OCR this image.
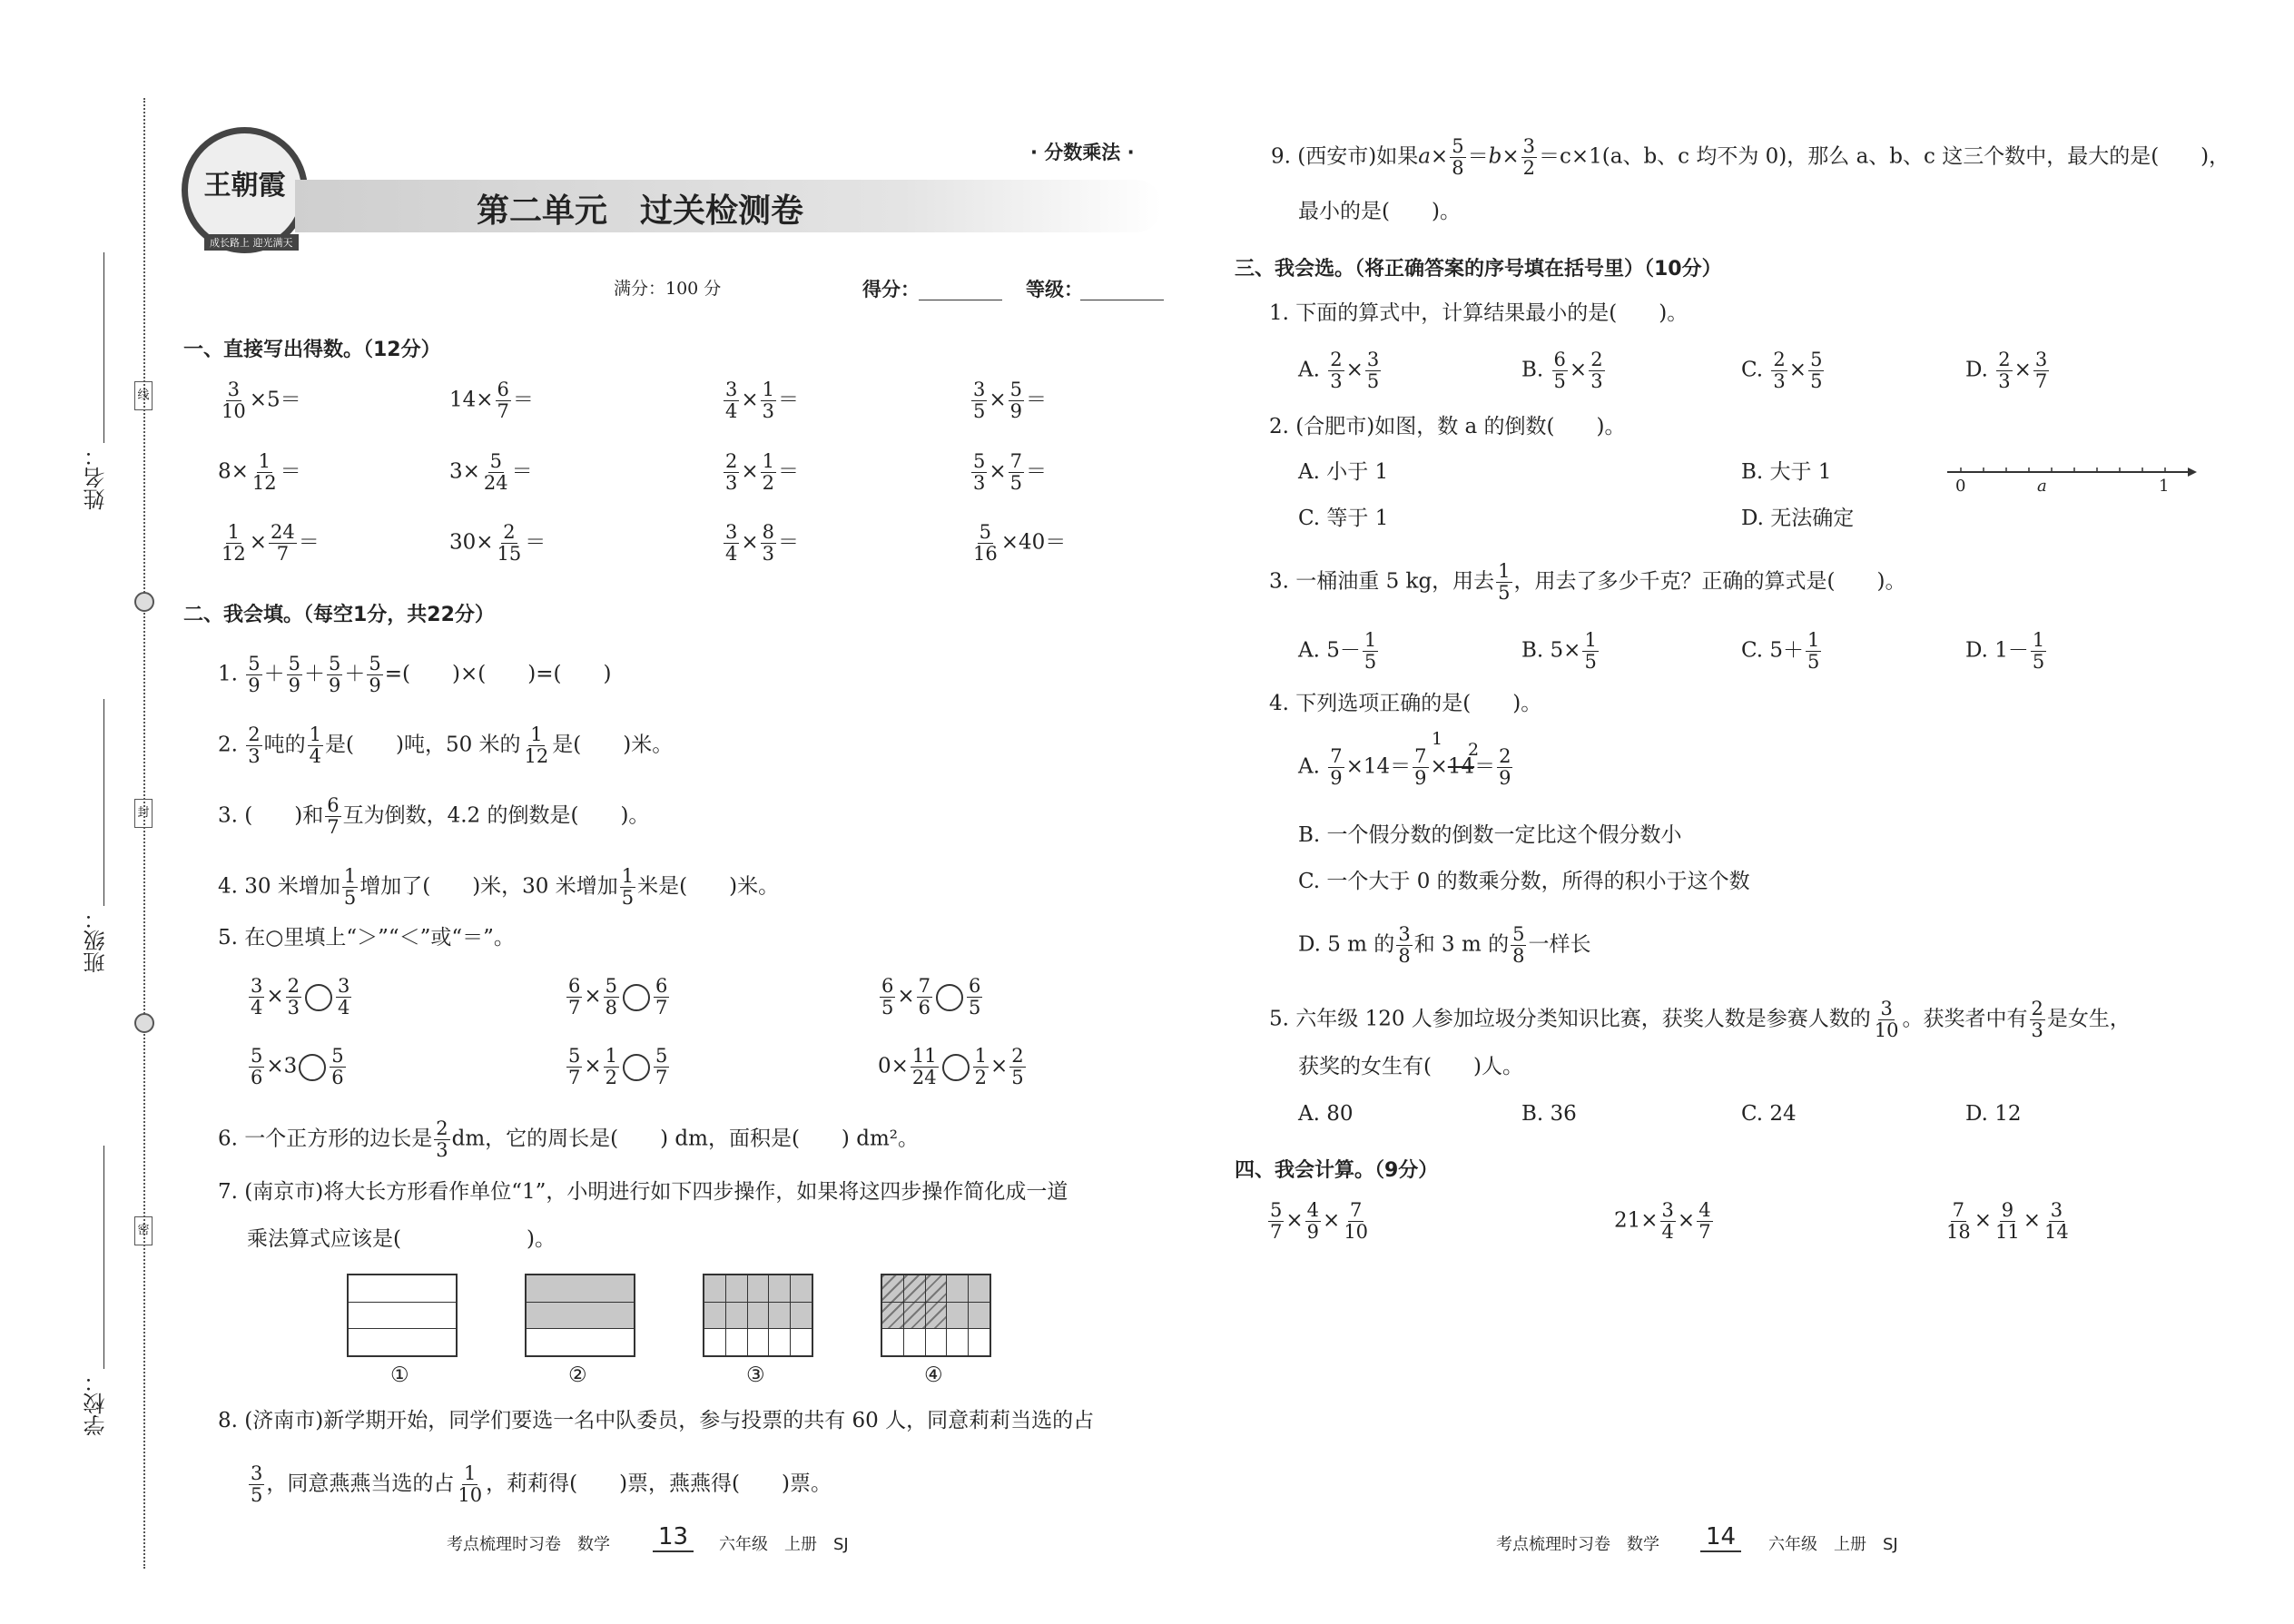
姓名：
班级：
学校：
线
封
密
王朝霞
成长路上 迎光满天
· 分数乘法 ·
第二单元　过关检测卷
满分：100 分	得分：	等级：
一、直接写出得数。（12分）
$\frac{3}{10} \times 5=$	$14\times \frac{6}{7}$ ＝	$\frac{3}{4} \times \frac{1}{3}$ ＝	$\frac{3}{5} \times \frac{5}{9}$ ＝
$8\times \frac{1}{12}$ ＝	$3\times \frac{5}{24}$ ＝	$\frac{2}{3} \times \frac{1}{2}$ ＝	$\frac{5}{3} \times \frac{7}{5}$ ＝
$\frac{1}{12} \times \frac{24}{7}$ ＝	$30\times \frac{2}{15}$ ＝	$\frac{3}{4} \times \frac{8}{3}$ ＝	$\frac{5}{16} \times 40=$
二、我会填。（每空1分，共22分）
1. $\frac{5}{9} + \frac{5}{9} + \frac{5}{9} + \frac{5}{9}$ =(　　)×(　　)=(　　)
2. $\frac{2}{3}$ 吨的 $\frac{1}{4}$ 是(　　)吨，50 米的 $\frac{1}{12}$ 是(　　)米。
3. (　　)和 $\frac{6}{7}$ 互为倒数，4.2 的倒数是(　　)。
4. 30 米增加 $\frac{1}{5}$ 增加了(　　)米，30 米增加 $\frac{1}{5}$ 米是(　　)米。
5. 在○里填上“＞”“＜”或“＝”。
$\frac{3}{4} \times \frac{2}{3} \frac{3}{4}$	$\frac{6}{7} \times \frac{5}{8} \frac{6}{7}$	$\frac{6}{5} \times \frac{7}{6} \frac{6}{5}$
$\frac{5}{6} \times 3 \frac{5}{6}$	$\frac{5}{7} \times \frac{1}{2} \frac{5}{7}$	$0\times \frac{11}{24} \frac{1}{2} \times \frac{2}{5}$
6. 一个正方形的边长是 $\frac{2}{3}$ dm，它的周长是(　　) dm，面积是(　　) dm²。
7. (南京市)将大长方形看作单位“1”，小明进行如下四步操作，如果将这四步操作简化成一道
乘法算式应该是(　　　　　　)。
①	②	③	④
8. (济南市)新学期开始，同学们要选一名中队委员，参与投票的共有 60 人，同意莉莉当选的占
$\frac{3}{5}$ ，同意燕燕当选的占 $\frac{1}{10}$ ，莉莉得(　　)票，燕燕得(　　)票。
9. (西安市)如果$a\times \frac{5}{8} =b\times \frac{3}{2} =c\times 1(a$、b、c 均不为 0)，那么 a、b、c 这三个数中，最大的是(　　)，
最小的是(　　)。
三、我会选。（将正确答案的序号填在括号里）（10分）
1. 下面的算式中，计算结果最小的是(　　)。
A. $\frac{2}{3} \times \frac{3}{5}$	B. $\frac{6}{5} \times \frac{2}{3}$	C. $\frac{2}{3} \times \frac{5}{5}$	D. $\frac{2}{3} \times \frac{3}{7}$
2. (合肥市)如图，数 a 的倒数(　　)。
A. 小于 1	B. 大于 1
C. 等于 1	D. 无法确定
0	a	1
3. 一桶油重 5 kg，用去 $\frac{1}{5}$ ，用去了多少千克？正确的算式是(　　)。
A. $5- \frac{1}{5}$	B. $5\times \frac{1}{5}$	C. $5+ \frac{1}{5}$	D. $1- \frac{1}{5}$
4. 下列选项正确的是(　　)。
A. $\frac{7}{9} \times 14= \frac{7}{9} \times 14= \frac{2}{9}$
1
2
B. 一个假分数的倒数一定比这个假分数小
C. 一个大于 0 的数乘分数，所得的积小于这个数
D. 5 m 的 $\frac{3}{8}$ 和 3 m 的 $\frac{5}{8}$ 一样长
5. 六年级 120 人参加垃圾分类知识比赛，获奖人数是参赛人数的 $\frac{3}{10}$ 。获奖者中有 $\frac{2}{3}$ 是女生，
获奖的女生有(　　)人。
A. 80	B. 36	C. 24	D. 12
四、我会计算。（9分）
$\frac{5}{7} \times \frac{4}{9} \times \frac{7}{10}$	$21\times \frac{3}{4} \times \frac{4}{7}$	$\frac{7}{18} \times \frac{9}{11} \times \frac{3}{14}$
考点梳理时习卷　数学 13	六年级　上册　SJ	考点梳理时习卷　数学 14	六年级　上册　SJ
